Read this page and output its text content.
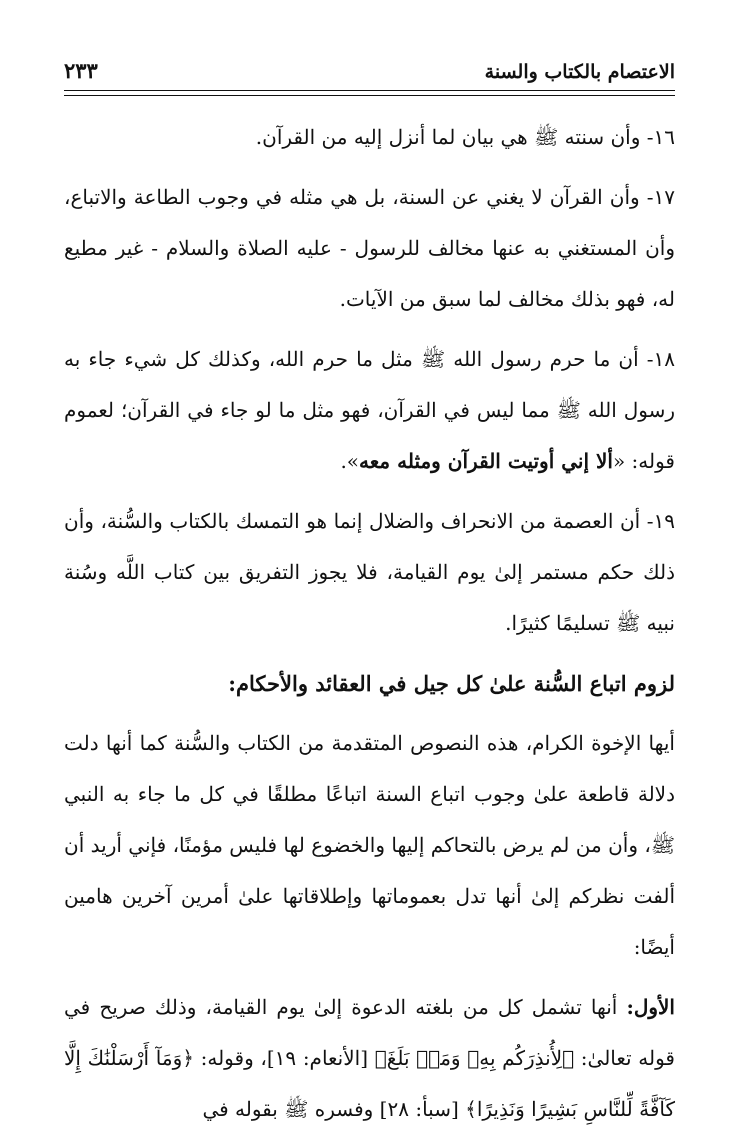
الاعتصام بالكتاب والسنة
٢٣٣

١٦- وأن سنته ﷺ هي بيان لما أنزل إليه من القرآن.

١٧- وأن القرآن لا يغني عن السنة، بل هي مثله في وجوب الطاعة والاتباع، وأن المستغني به عنها مخالف للرسول - عليه الصلاة والسلام - غير مطيع له، فهو بذلك مخالف لما سبق من الآيات.

١٨- أن ما حرم رسول الله ﷺ مثل ما حرم الله، وكذلك كل شيء جاء به رسول الله ﷺ مما ليس في القرآن، فهو مثل ما لو جاء في القرآن؛ لعموم قوله: «ألا إني أوتيت القرآن ومثله معه».

١٩- أن العصمة من الانحراف والضلال إنما هو التمسك بالكتاب والسُّنة، وأن ذلك حكم مستمر إلىٰ يوم القيامة، فلا يجوز التفريق بين كتاب اللَّه وسُنة نبيه ﷺ تسليمًا كثيرًا.

لزوم اتباع السُّنة علىٰ كل جيل في العقائد والأحكام:

أيها الإخوة الكرام، هذه النصوص المتقدمة من الكتاب والسُّنة كما أنها دلت دلالة قاطعة علىٰ وجوب اتباع السنة اتباعًا مطلقًا في كل ما جاء به النبي ﷺ، وأن من لم يرض بالتحاكم إليها والخضوع لها فليس مؤمنًا، فإني أريد أن ألفت نظركم إلىٰ أنها تدل بعموماتها وإطلاقاتها علىٰ أمرين آخرين هامين أيضًا:

الأول: أنها تشمل كل من بلغته الدعوة إلىٰ يوم القيامة، وذلك صريح في قوله تعالىٰ: ﴿لِأُنذِرَكُم بِهِۦ وَمَنۢ بَلَغَ﴾ [الأنعام: ١٩]، وقوله: ﴿وَمَآ أَرْسَلْنَٰكَ إِلَّا كَآفَّةً لِّلنَّاسِ بَشِيرًا وَنَذِيرًا﴾ [سبأ: ٢٨] وفسره ﷺ بقوله في
